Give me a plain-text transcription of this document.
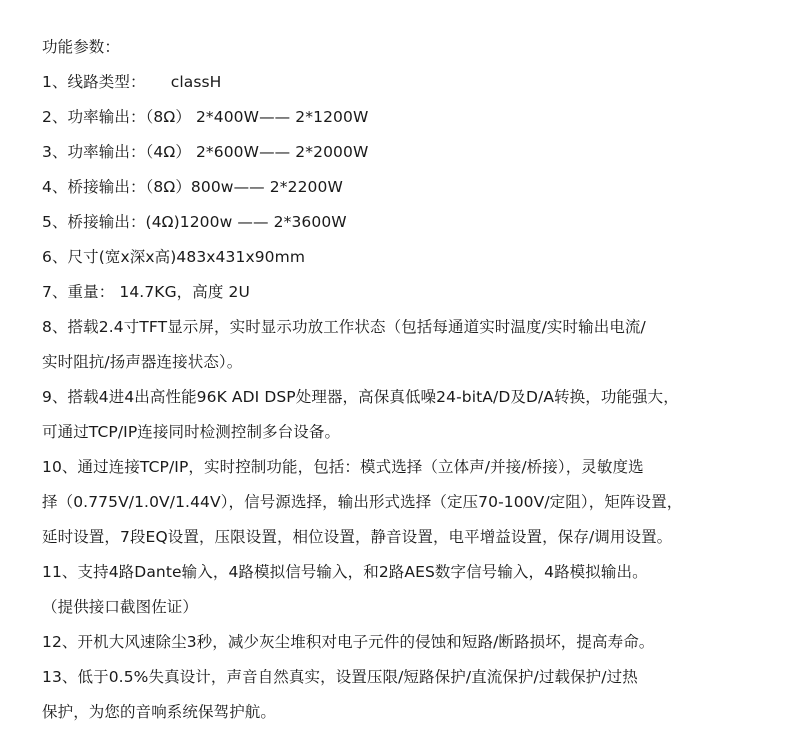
功能参数：
1、线路类型：     classH
2、功率输出：（8Ω） 2*400W—— 2*1200W
3、功率输出：（4Ω） 2*600W—— 2*2000W
4、桥接输出：（8Ω）800w—— 2*2200W
5、桥接输出：(4Ω)1200w —— 2*3600W
6、尺寸(宽x深x高)483x431x90mm
7、重量： 14.7KG，高度 2U
8、搭载2.4寸TFT显示屏，实时显示功放工作状态（包括每通道实时温度/实时输出电流/
实时阻抗/扬声器连接状态）。
9、搭载4进4出高性能96K ADI DSP处理器，高保真低噪24-bitA/D及D/A转换，功能强大，
可通过TCP/IP连接同时检测控制多台设备。
10、通过连接TCP/IP，实时控制功能，包括：模式选择（立体声/并接/桥接），灵敏度选
择（0.775V/1.0V/1.44V），信号源选择，输出形式选择（定压70-100V/定阻），矩阵设置，
延时设置，7段EQ设置，压限设置，相位设置，静音设置，电平增益设置，保存/调用设置。
11、支持4路Dante输入，4路模拟信号输入，和2路AES数字信号输入，4路模拟输出。
（提供接口截图佐证）
12、开机大风速除尘3秒，减少灰尘堆积对电子元件的侵蚀和短路/断路损坏，提高寿命。
13、低于0.5%失真设计，声音自然真实，设置压限/短路保护/直流保护/过载保护/过热
保护，为您的音响系统保驾护航。
